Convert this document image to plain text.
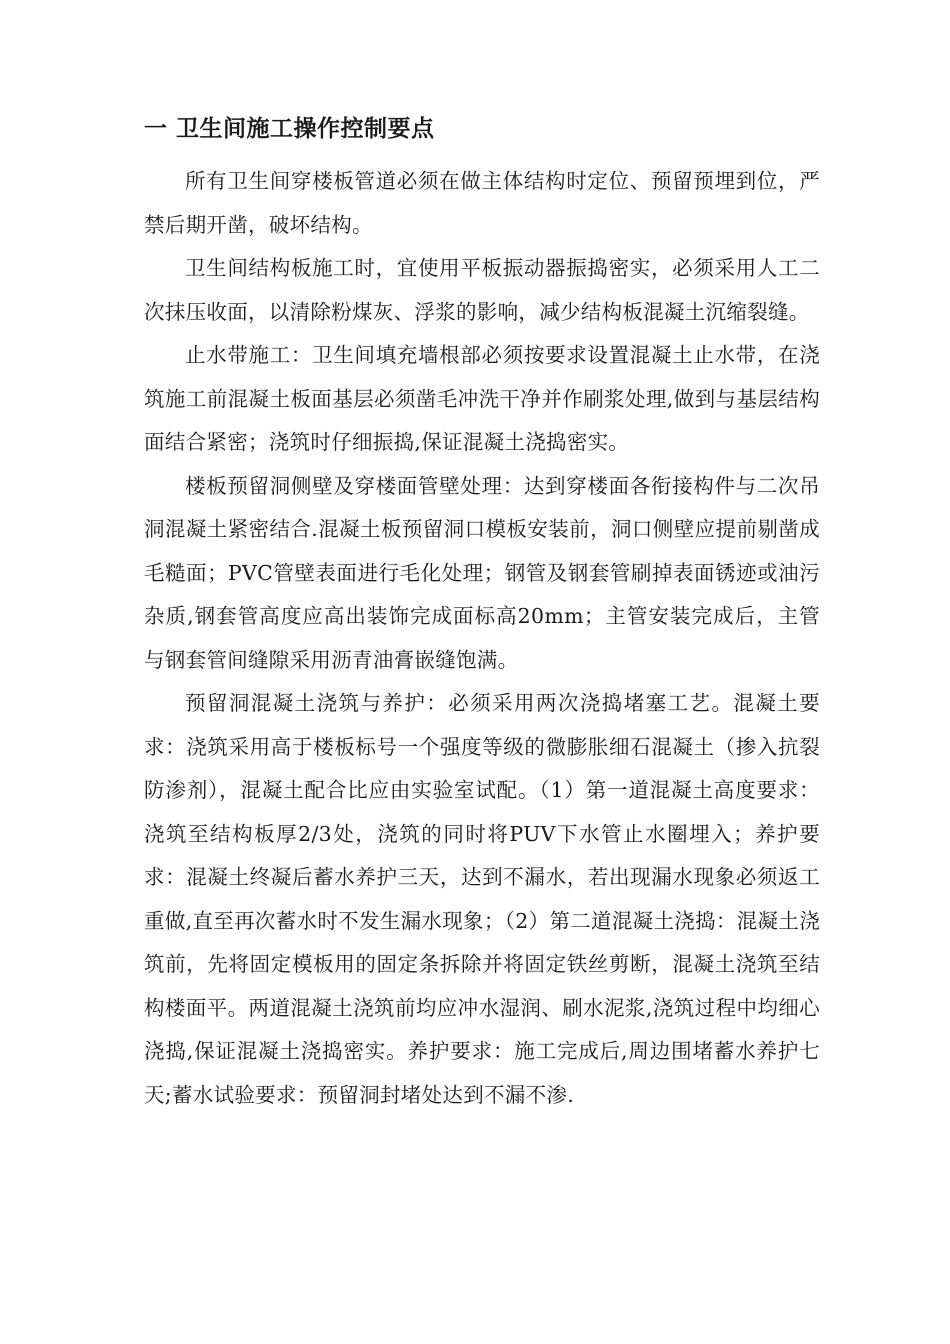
一 卫生间施工操作控制要点

所有卫生间穿楼板管道必须在做主体结构时定位、预留预埋到位，严禁后期开凿，破坏结构。

卫生间结构板施工时，宜使用平板振动器振捣密实，必须采用人工二次抹压收面，以清除粉煤灰、浮浆的影响，减少结构板混凝土沉缩裂缝。

止水带施工：卫生间填充墙根部必须按要求设置混凝土止水带，在浇筑施工前混凝土板面基层必须凿毛冲洗干净并作刷浆处理,做到与基层结构面结合紧密；浇筑时仔细振捣,保证混凝土浇捣密实。

楼板预留洞侧壁及穿楼面管壁处理：达到穿楼面各衔接构件与二次吊洞混凝土紧密结合.混凝土板预留洞口模板安装前，洞口侧壁应提前剔凿成毛糙面；PVC管壁表面进行毛化处理；钢管及钢套管刷掉表面锈迹或油污杂质,钢套管高度应高出装饰完成面标高20mm；主管安装完成后，主管与钢套管间缝隙采用沥青油膏嵌缝饱满。

预留洞混凝土浇筑与养护：必须采用两次浇捣堵塞工艺。混凝土要求：浇筑采用高于楼板标号一个强度等级的微膨胀细石混凝土（掺入抗裂防渗剂），混凝土配合比应由实验室试配。（1）第一道混凝土高度要求：浇筑至结构板厚2/3处，浇筑的同时将PUV下水管止水圈埋入；养护要求：混凝土终凝后蓄水养护三天，达到不漏水，若出现漏水现象必须返工重做,直至再次蓄水时不发生漏水现象；（2）第二道混凝土浇捣：混凝土浇筑前，先将固定模板用的固定条拆除并将固定铁丝剪断，混凝土浇筑至结构楼面平。两道混凝土浇筑前均应冲水湿润、刷水泥浆,浇筑过程中均细心浇捣,保证混凝土浇捣密实。养护要求：施工完成后,周边围堵蓄水养护七天;蓄水试验要求：预留洞封堵处达到不漏不渗.
